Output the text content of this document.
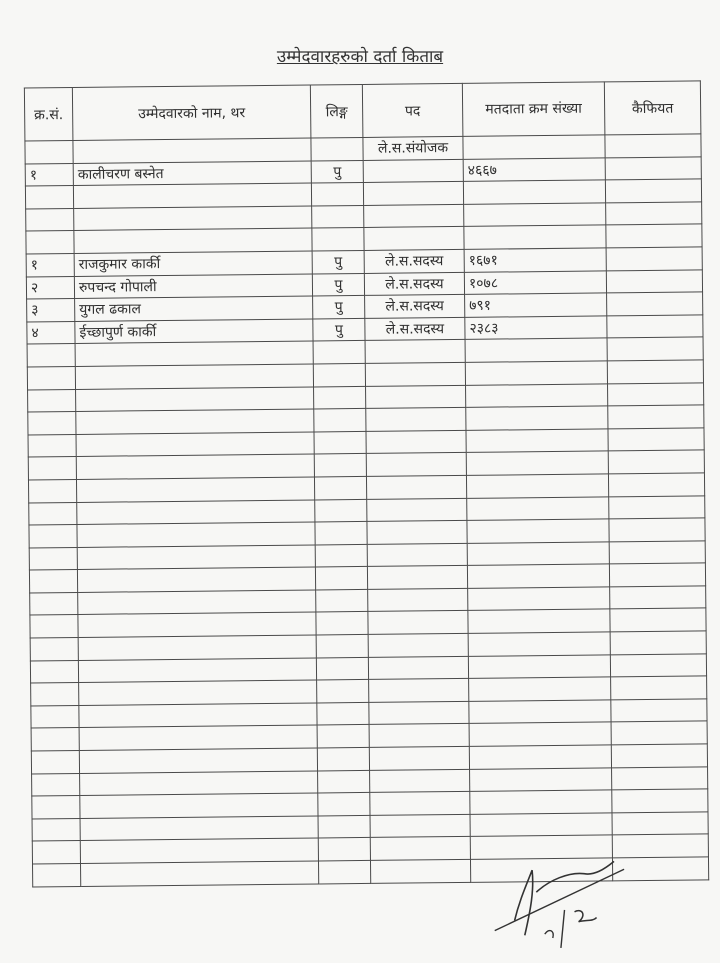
उम्मेदवारहरुको दर्ता किताब
क्र.सं.	उम्मेदवारको नाम, थर	लिङ्ग	पद	मतदाता क्रम संख्या	कैफियत
			ले.स.संयोजक		
१	कालीचरण बस्नेत	पु		४६६७	

१	राजकुमार कार्की	पु	ले.स.सदस्य	१६७१	
२	रुपचन्द गोपाली	पु	ले.स.सदस्य	१०७८	
३	युगल ढकाल	पु	ले.स.सदस्य	७९१	
४	ईच्छापुर्ण कार्की	पु	ले.स.सदस्य	२३८३	
